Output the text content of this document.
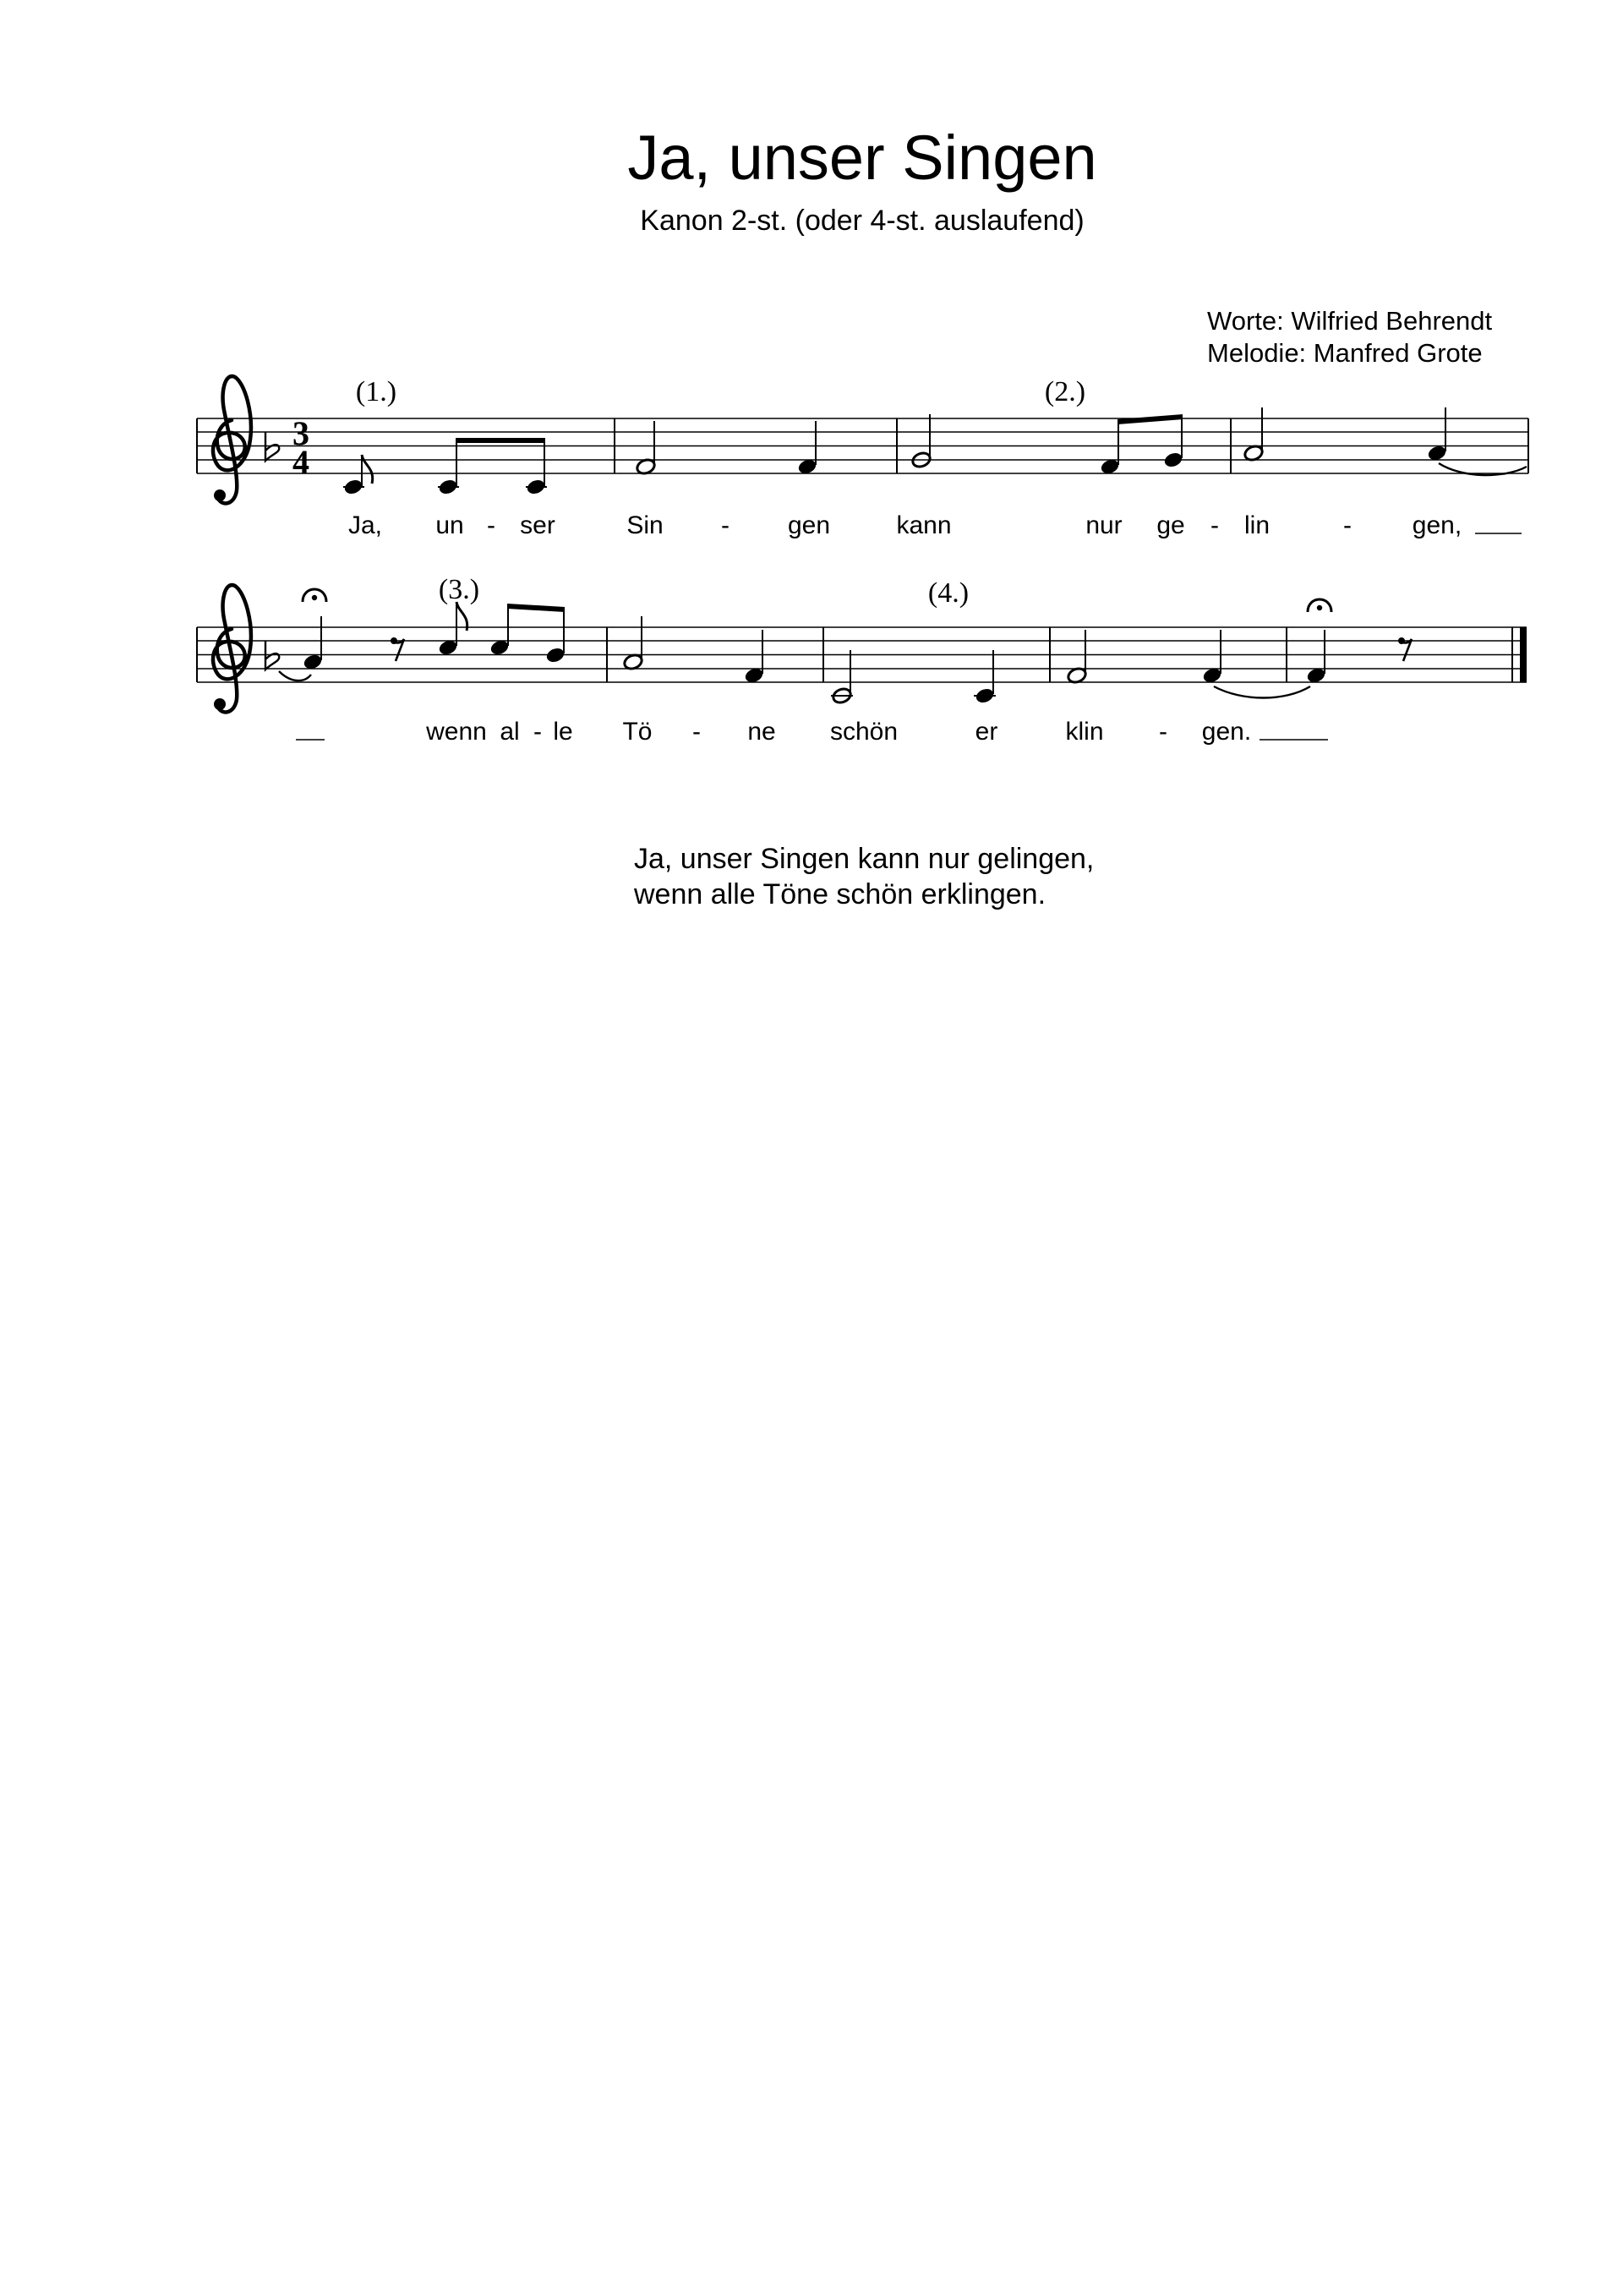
Ja, unser Singen
Kanon 2-st. (oder 4-st. auslaufend)
Worte: Wilfried Behrendt
Melodie: Manfred Grote
3
4
(1.)	(2.)
Ja, un - ser	Sin - gen	kann	nur ge - lin	- gen,
(3.)	(4.)
wenn al - le Tö - ne schön	er	klin - gen.
Ja, unser Singen kann nur gelingen,
wenn alle Töne schön erklingen.
